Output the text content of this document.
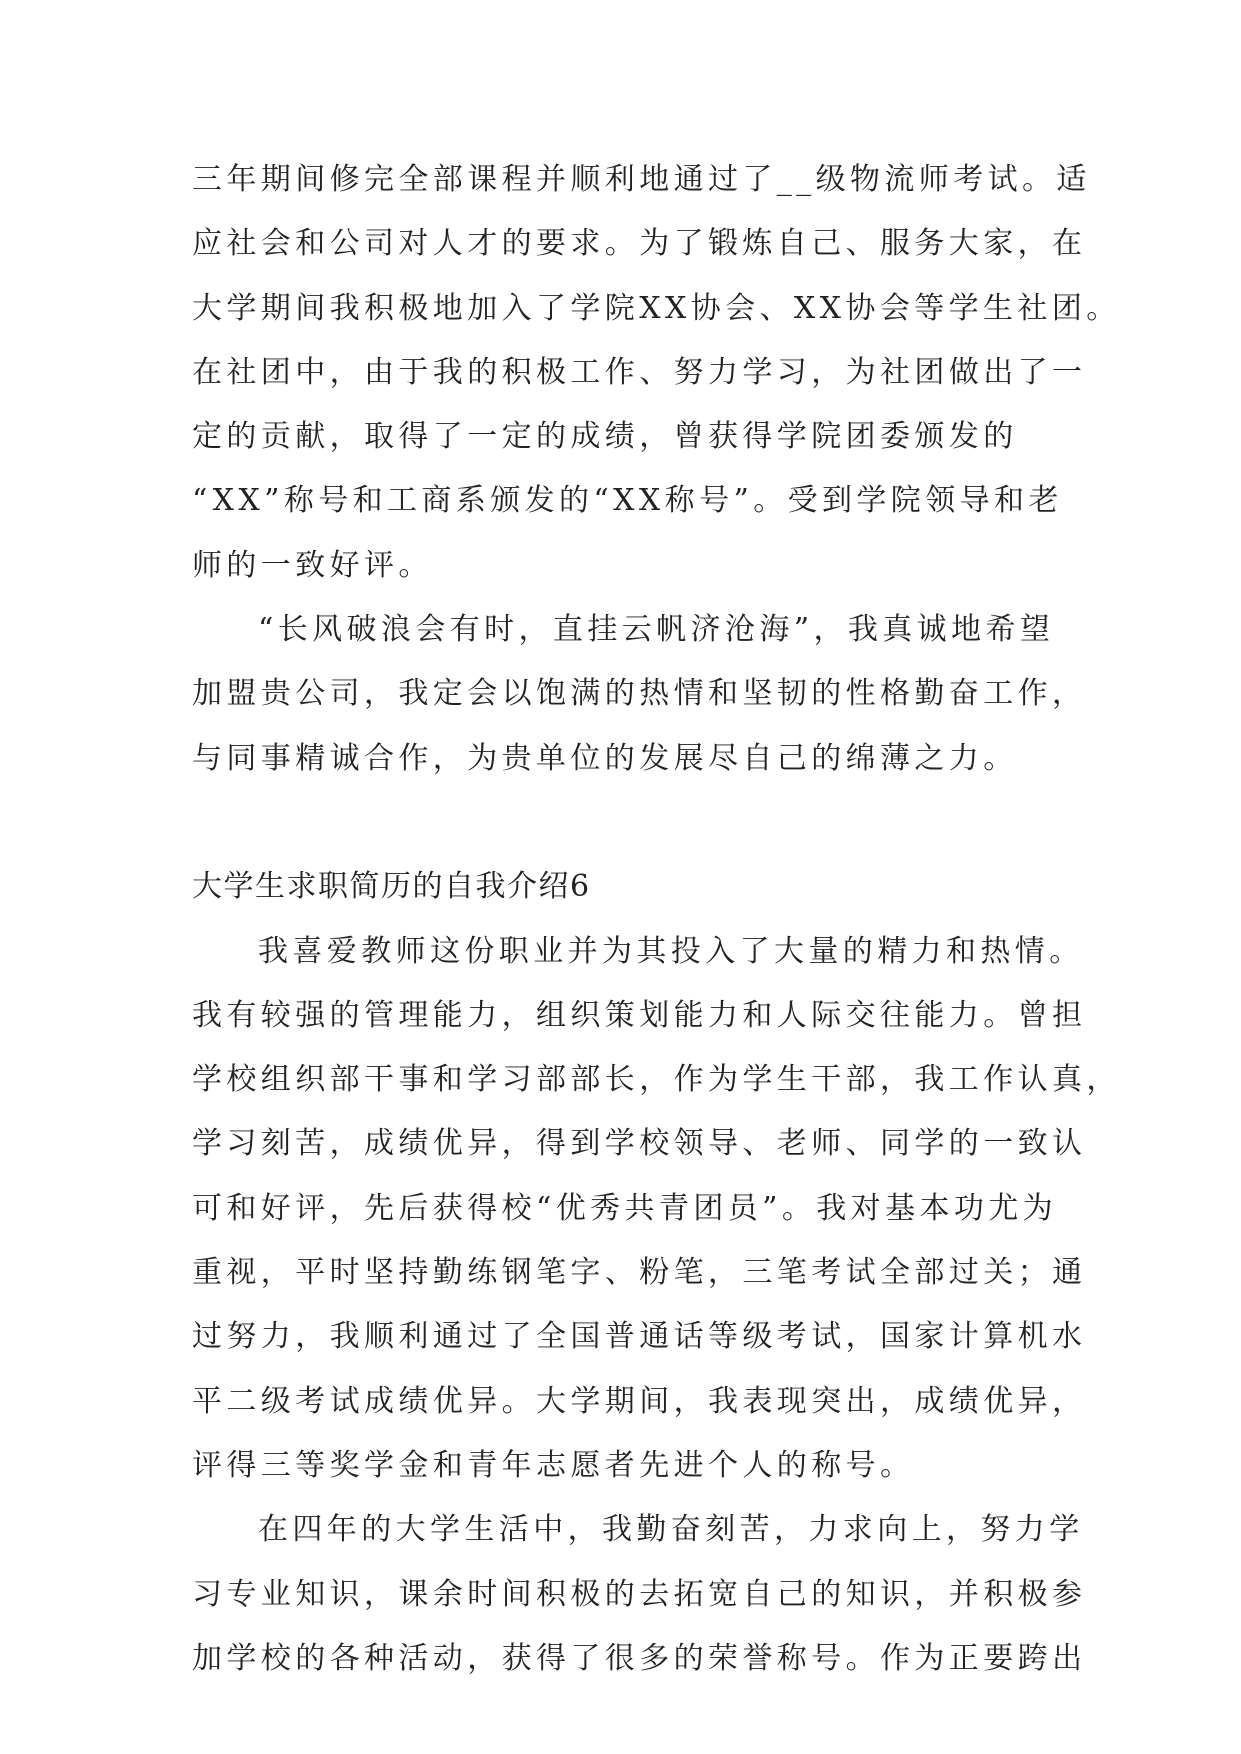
三年期间修完全部课程并顺利地通过了__级物流师考试。适
应社会和公司对人才的要求。为了锻炼自己、服务大家，在
大学期间我积极地加入了学院XX协会、XX协会等学生社团。
在社团中，由于我的积极工作、努力学习，为社团做出了一
定的贡献，取得了一定的成绩，曾获得学院团委颁发的
“XX”称号和工商系颁发的“XX称号”。受到学院领导和老
师的一致好评。
“长风破浪会有时，直挂云帆济沧海”，我真诚地希望
加盟贵公司，我定会以饱满的热情和坚韧的性格勤奋工作，
与同事精诚合作，为贵单位的发展尽自己的绵薄之力。
大学生求职简历的自我介绍6
我喜爱教师这份职业并为其投入了大量的精力和热情。
我有较强的管理能力，组织策划能力和人际交往能力。曾担
学校组织部干事和学习部部长，作为学生干部，我工作认真，
学习刻苦，成绩优异，得到学校领导、老师、同学的一致认
可和好评，先后获得校“优秀共青团员”。我对基本功尤为
重视，平时坚持勤练钢笔字、粉笔，三笔考试全部过关；通
过努力，我顺利通过了全国普通话等级考试，国家计算机水
平二级考试成绩优异。大学期间，我表现突出，成绩优异，
评得三等奖学金和青年志愿者先进个人的称号。
在四年的大学生活中，我勤奋刻苦，力求向上，努力学
习专业知识，课余时间积极的去拓宽自己的知识，并积极参
加学校的各种活动，获得了很多的荣誉称号。作为正要跨出
